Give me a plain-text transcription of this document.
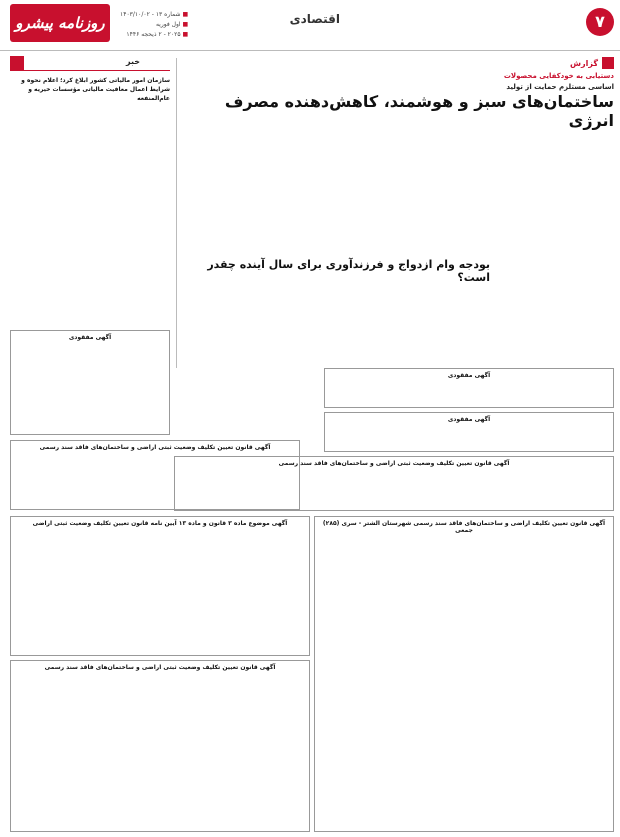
۷
اقتصادی
روزنامه پیشرو
■	شماره ۱۳ - ۱۴۰۳/۱۰/۰۲
■ اول فوریه
■ ۲۰۲۵ - ۲ ذیحجه ۱۴۴۶
گزارش
خبر
دستیابی به خودکفایی محصولات
اساسی مستلزم حمایت از تولید
ساختمان‌های سبز و هوشمند، کاهش‌دهنده مصرف انرژی
بودجه وام ازدواج و فرزندآوری برای سال آینده چقدر است؟
سازمان امور مالیاتی کشور ابلاغ کرد؛ اعلام نحوه و شرایط اعمال معافیت مالیاتی مؤسسات خیریه و عام‌المنفعه
آگهی مفقودی
آگهی مفقودی
آگهی مفقودی
آگهی قانون تعیین تکلیف وضعیت ثبتی اراضی و ساختمان‌های فاقد سند رسمی
آگهی قانون تعیین تکلیف اراضی و ساختمان‌های فاقد سند رسمی شهرستان الشتر - سری (۲۸۵) جمعی
آگهی قانون تعیین تکلیف وضعیت ثبتی اراضی و ساختمان‌های فاقد سند رسمی
آگهی موضوع ماده ۳ قانون و ماده ۱۳ آیین نامه قانون تعیین تکلیف وضعیت ثبتی اراضی
آگهی قانون تعیین تکلیف وضعیت ثبتی اراضی و ساختمان‌های فاقد سند رسمی
